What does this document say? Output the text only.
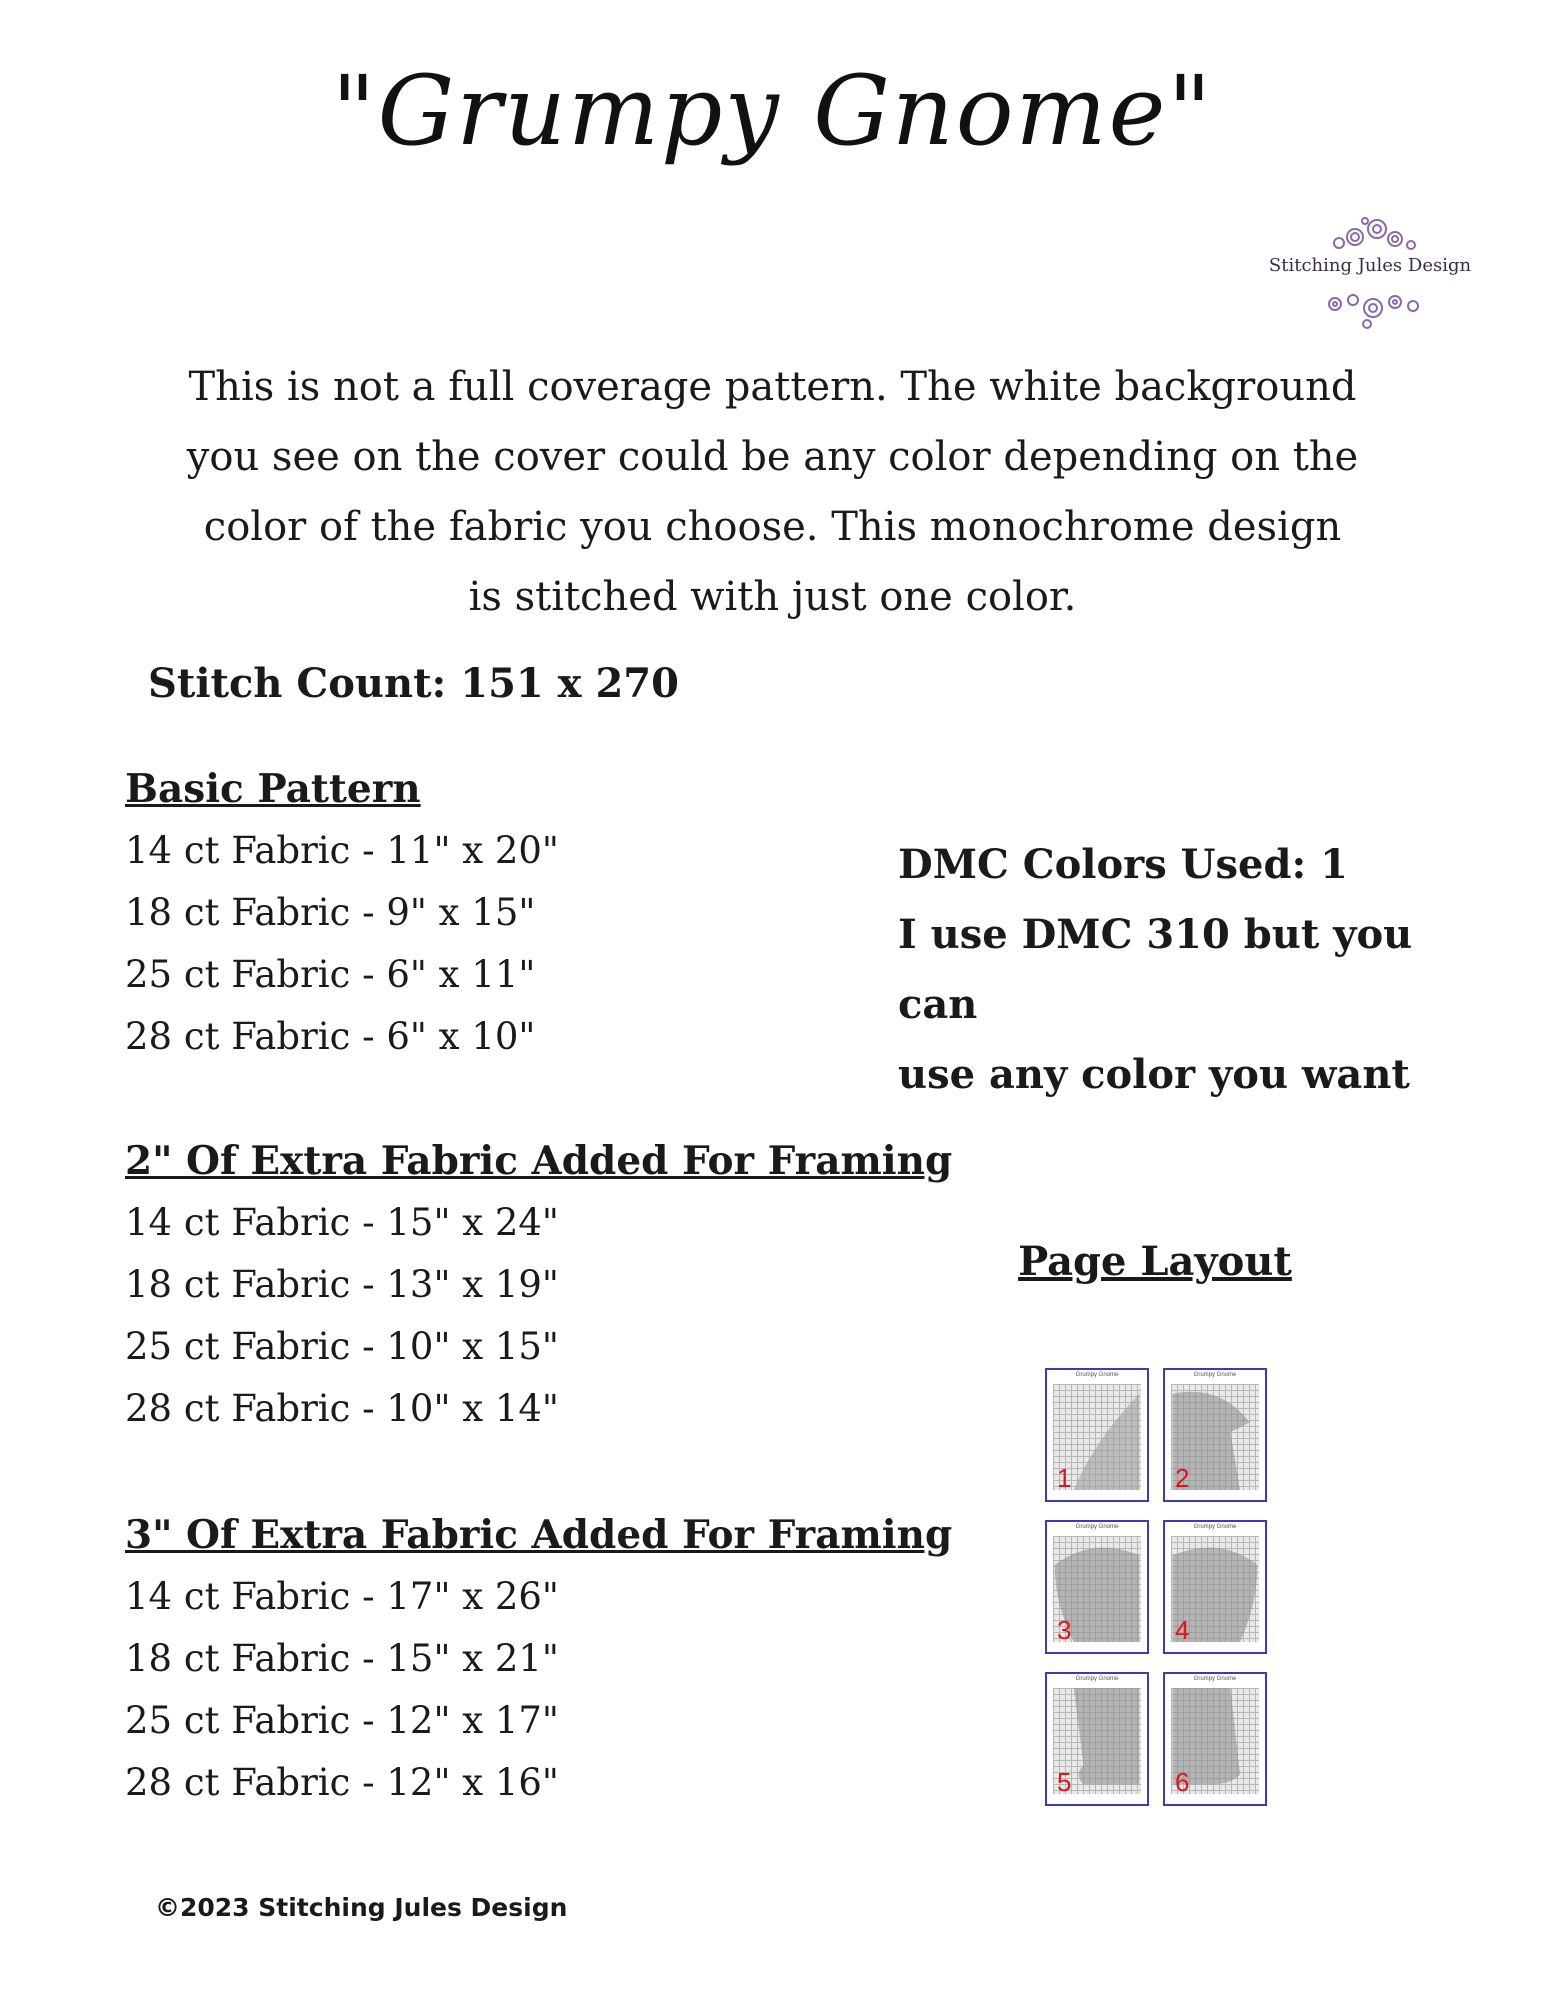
"Grumpy Gnome"
Stitching Jules Design
This is not a full coverage pattern. The white background
you see on the cover could be any color depending on the
color of the fabric you choose. This monochrome design
is stitched with just one color.
Stitch Count: 151 x 270

Basic Pattern

14 ct Fabric - 11" x 20"

18 ct Fabric - 9" x 15"

25 ct Fabric - 6" x 11"

28 ct Fabric - 6" x 10"

2" Of Extra Fabric Added For Framing

14 ct Fabric - 15" x 24"

18 ct Fabric - 13" x 19"

25 ct Fabric - 10" x 15"

28 ct Fabric - 10" x 14"

3" Of Extra Fabric Added For Framing

14 ct Fabric - 17" x 26"

18 ct Fabric - 15" x 21"

25 ct Fabric - 12" x 17"

28 ct Fabric - 12" x 16"

DMC Colors Used: 1
I use DMC 310 but you can
use any color you want
Page Layout
Grumpy Gnome
1
Grumpy Gnome
2
Grumpy Gnome
3
Grumpy Gnome
4
Grumpy Gnome
5
Grumpy Gnome
6
©2023 Stitching Jules Design
